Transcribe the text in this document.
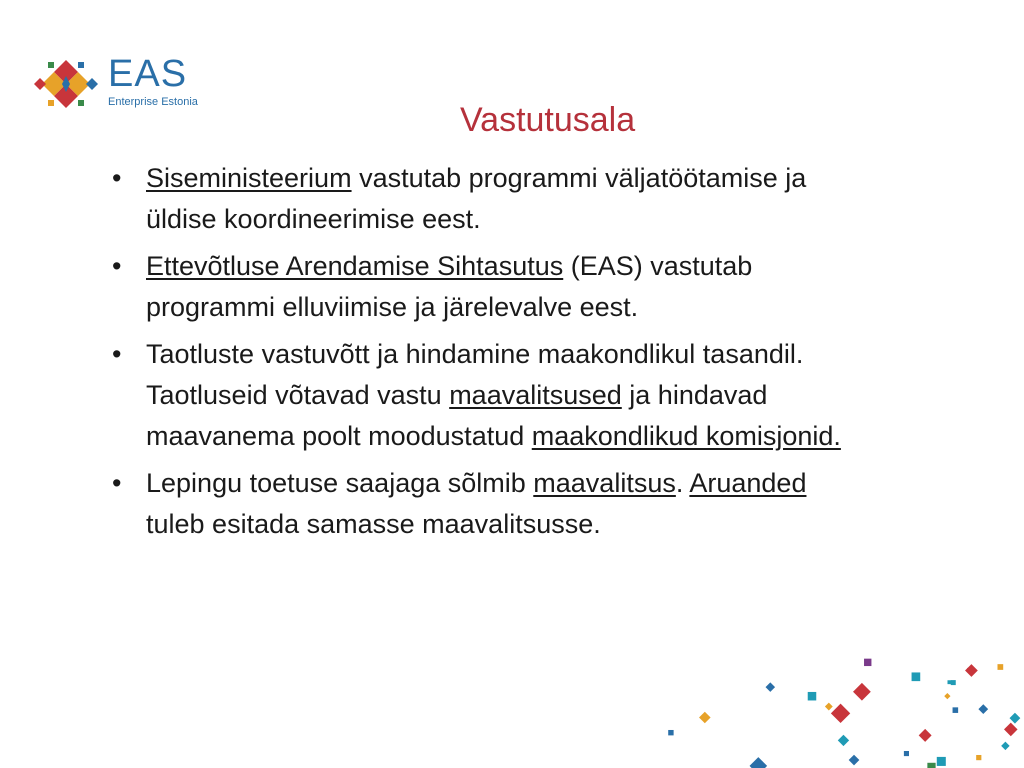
EAS
Enterprise Estonia	Vastutusala
• Siseministeerium vastutab programmi väljatöötamise ja üldise koordineerimise eest.
• Ettevõtluse Arendamise Sihtasutus (EAS) vastutab programmi elluviimise ja järelevalve eest.
• Taotluste vastuvõtt ja hindamine maakondlikul tasandil. Taotluseid võtavad vastu maavalitsused ja hindavad maavanema poolt moodustatud maakondlikud komisjonid.
• Lepingu toetuse saajaga sõlmib maavalitsus. Aruanded tuleb esitada samasse maavalitsusse.
